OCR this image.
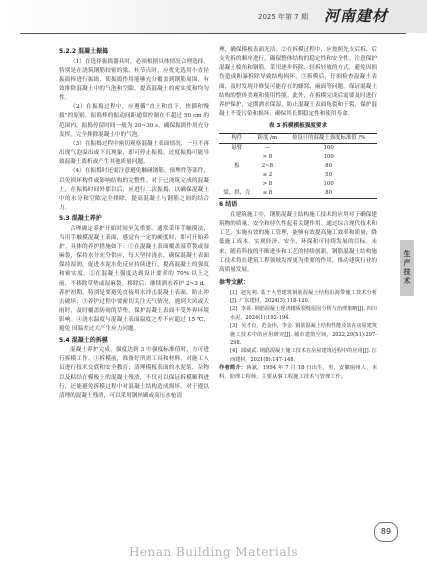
2025 年第 7 期 河南建材
5.2.2 混凝土振捣

（1）在选择振捣器具时，必须根据具体情况合理选择，特别是在浇筑钢筋较密的梁、柱节点时，应优先选用小直径振捣棒进行振捣，使振捣作用能够充分覆盖到钢筋周围，有效排除混凝土中的气泡和空隙，提高混凝土的密实度和均匀性。

（2）在振捣过程中，应遵循“直上和直下，快插和慢拔”的原则。振捣棒的振动间距通常控制在不超过 50 cm 的范围内，振捣停留时间一般为 20~30 s，确保振捣作用充分发挥，完全排除混凝土中的气泡。

（3）在振捣过程中密切观察混凝土表面情况，一旦不再出现气泡溢出或下沉现象，即可停止振捣。过度振捣可能导致混凝土离析或产生其他质量问题。

（4）在振捣时还需注意避免触碰钢筋、预埋件等部件，以免损坏构件或影响结构的完整性。对于已浇筑完成的混凝土，在振捣时间外那以后，应进行二次振捣，以确保混凝土中的水分和空隙完全排除，提高混凝土与钢筋之间的结合力。

5.3 混凝土养护

合理确定养护开始时间至关重要。通常采用手触摸法，当用手触摸混凝土表面，感觉有一定的硬度时，即可开始养护。具体的养护措施如下：①在混凝土表面覆盖湿草袋或湿麻袋，保持水分充分供应，每天坚持浇水，确保混凝土表面保持湿润。促进水泥水化反应持续进行，提高混凝土的强度和密实度。②在混凝土强度达到设计要求的 70% 以上之前，不移除草垫或湿麻袋。移除后，继续洒水养护 2~3 d。养护初期，特别是要避免直接用水冲击混凝土表面，防止冲击破坏；③养护过程中要密切关注天气情况，遇到大风或大雨时，及时覆盖防雨的草垫，保护混凝土表面不受外界环境影响。④浇水温度与混凝土表面温度之差不应超过 15 ℃，避免 因温差过大产生应力问题。

5.4 混凝土的拆模

混凝土养护完成，强度达到 3 中强度标准值时，方可进行拆模工作。①拆模前，准备好所需工具和材料，对施工人员进行技术交底和安全教育；清理模板表面的水泥浆、杂物以及粘结在模板上的混凝土残渣，不仅可以保证拆模顺利进行，还能避免拆模过程中对混凝土结构造成损坏。对于遵以清理的混凝土残渣，可以采用钢丝刷或高压水枪清

理，确保模板表面光洁。②在拆模过程中，应按照先支后拆、后支先拆的顺序进行，确保整体结构的稳定性和安全性。注意保护混凝土棱角和钢筋，采用逐步拆除、轻拆轻放的方式，避免因损伤造成粗暴拆除导致结构损坏。③拆模后，仔细检查混凝土表面，及时发现并修复可能存在的蜂窝、麻面等问题，保证混凝土结构的整体美观和使用性能。此外，在拆模完成后需要及时进行养护保护，定期洒水保湿，防止混凝土表面龟裂和干裂，保护混凝土不受污染和损坏，确保其长期稳定性和使用寿命。

表 3 拆模模板强度要求
构件	跨度 /m	按设计的混凝土强度标准值 /%
悬臂	—	100
	> 8	100
板	2~8	80
	≤ 2	50
	> 8	100
梁、拱、壳	≤ 8	80
6 结语

在建筑施工中，钢筋混凝土结构施工技术的应用对于确保建筑物的质量、安全和持久性起着关键作用。通过综合现代技术和工艺，实施有效的施工管理，能够有效提高施工效率和质量，降低施工成本，实现经济、安全、环保和可持续发展的目标。未来，随着科技的不断进步和工艺的持续创新，钢筋混凝土结构施工技术将在建筑工程领域发挥更为重要的作用，推动建筑行业的高质量发展。

参考文献：

[1] 赵宪利. 基于大型建筑钢筋混凝土结构沿海带施工技术分析[J]. 广东建材，2024(3):118-120.

[2] 李哥. 钢筋混凝土现浇楼板裂缝原因分析与治理策略[J]. 四川水泥，2024(1):192-194.

[3] 吴才有，范金伟，李金. 钢筋混凝土结构性能及其在房屋建筑施工技术中的应用研究[J]. 城市建筑空间，2022,29(S1):297-298.

[4] 邱威武. 钢筋混凝土施工技术在房屋建筑近程中的应用[J]. 江西建材，2021(8):147-148.

作者简介：蒋斌，1994 年 7 月 18 日出生，男，安徽宿州人，本科，助理工程师，主要从事工程施工技术与管理工作。

生产技术
89
Henan Building Materials
